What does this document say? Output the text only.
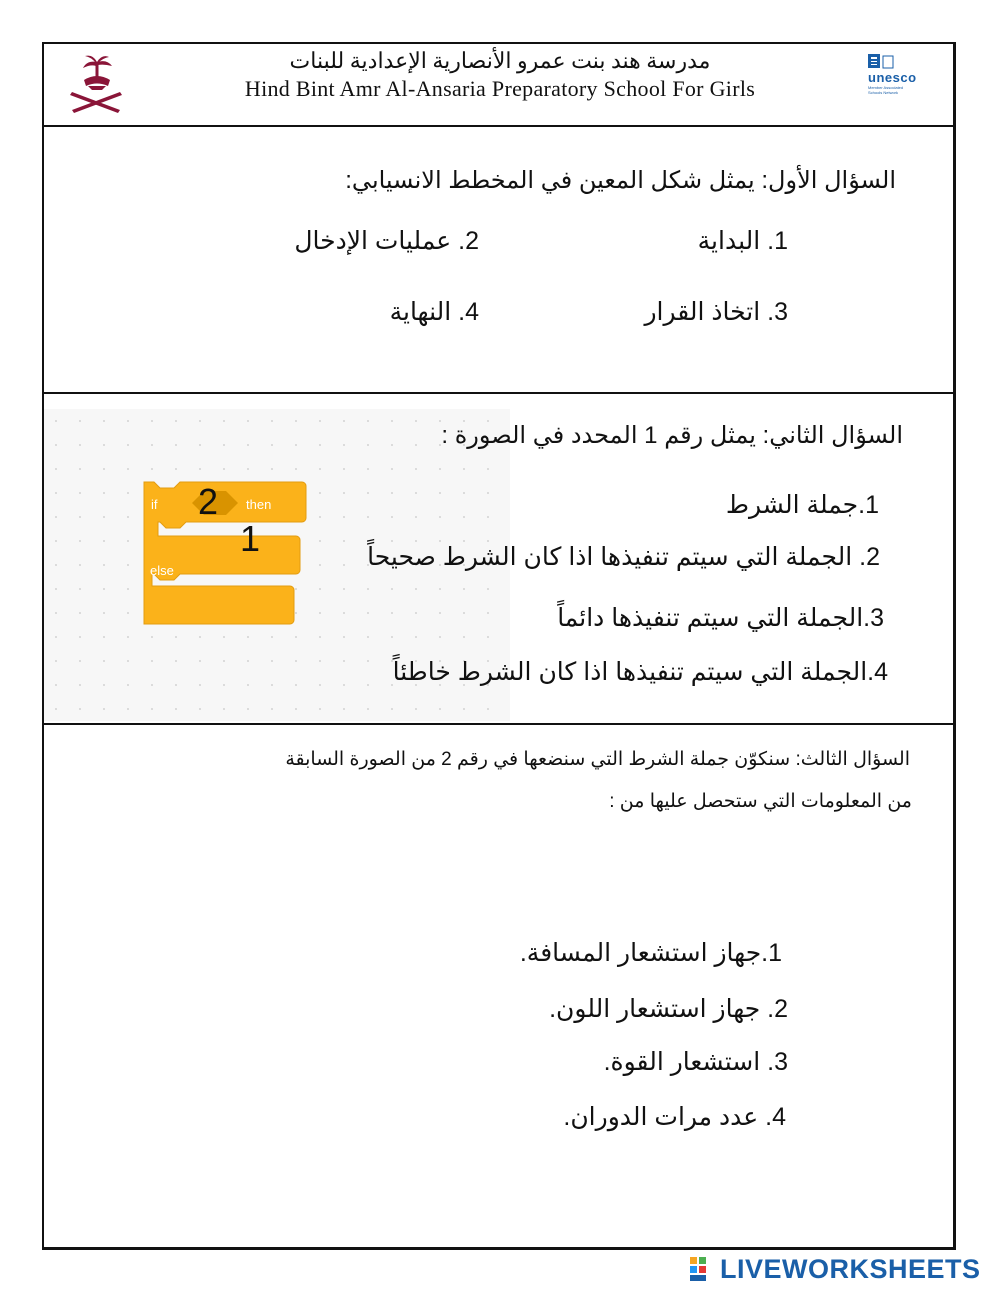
مدرسة هند بنت عمرو الأنصارية الإعدادية للبنات
Hind Bint Amr Al-Ansaria Preparatory School For Girls	unesco
Member Associated Schools Network
السؤال الأول: يمثل شكل المعين في المخطط الانسيابي:
1. البداية
2. عمليات الإدخال
3. اتخاذ القرار
4. النهاية
if	then
else
2
1
السؤال الثاني: يمثل رقم 1 المحدد في الصورة :
1.جملة الشرط
2. الجملة التي سيتم تنفيذها اذا كان الشرط صحيحاً
3.الجملة التي سيتم تنفيذها دائماً
4.الجملة التي سيتم تنفيذها اذا كان الشرط خاطئاً
السؤال الثالث: سنكوّن جملة الشرط التي سنضعها في رقم 2 من الصورة السابقة
من المعلومات التي ستحصل عليها من :
1.جهاز استشعار المسافة.
2. جهاز استشعار اللون.
3. استشعار القوة.
4. عدد مرات الدوران.
LIVEWORKSHEETS
